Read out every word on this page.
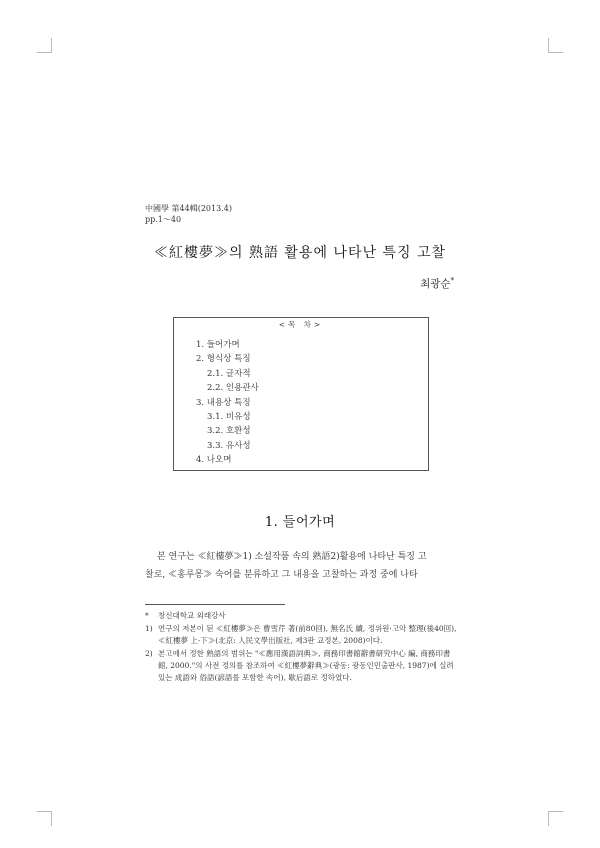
中國學 第44輯(2013.4)
pp.1～40
≪紅樓夢≫의 熟語 활용에 나타난 특징 고찰
최광순*
<목 차>
1. 들어가며
2. 형식상 특징
2.1. 글자적
2.2. 인용관사
3. 내용상 특징
3.1. 비유성
3.2. 호환성
3.3. 유사성
4. 나오며
1. 들어가며
본 연구는 ≪紅樓夢≫1) 소설작품 속의 熟語2)활용에 나타난 특징 고
찰로, ≪홍루몽≫ 숙어를 분류하고 그 내용을 고찰하는 과정 중에 나타
*	창신대학교 외래강사
1) 연구의 저본이 된 ≪紅樓夢≫은 曹雪芹 著(前80回), 無名氏 續, 정위원·고악 整理(後40回), ≪紅樓夢 上·下≫(北京: 人民文學出版社, 제3판 교정본, 2008)이다.
2) 본고에서 정한 熟語의 범위는 "≪應用漢語詞典≫, 商務印書館辭書研究中心 編, 商務印書館, 2000."의 사전 정의를 참조하여 ≪紅樓夢辭典≫(광동: 광동인민출판사, 1987)에 실려 있는 成語와 俗語(諺語를 포함한 속어), 歇后語로 정하였다.
